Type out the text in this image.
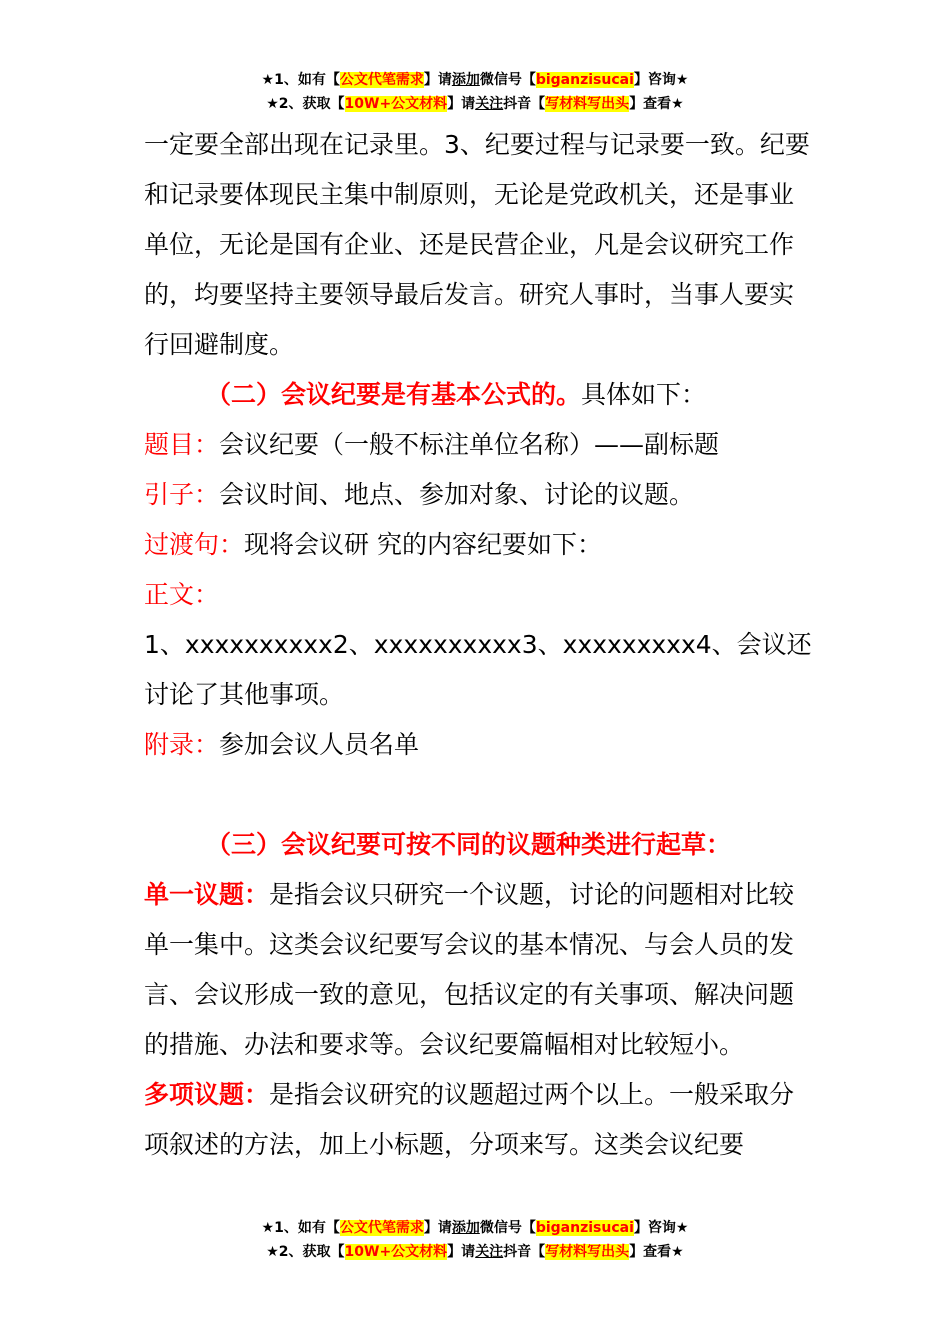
★1、如有【公文代笔需求】请添加微信号【biganzisucai】咨询★
★2、获取【10W+公文材料】请关注抖音【写材料写出头】查看★

一定要全部出现在记录里。3、纪要过程与记录要一致。纪要和记录要体现民主集中制原则，无论是党政机关，还是事业单位，无论是国有企业、还是民营企业，凡是会议研究工作的，均要坚持主要领导最后发言。研究人事时，当事人要实行回避制度。

（二）会议纪要是有基本公式的。具体如下：

题目：会议纪要（一般不标注单位名称）——副标题

引子：会议时间、地点、参加对象、讨论的议题。

过渡句：现将会议研 究的内容纪要如下：

正文：

1、xxxxxxxxxx2、xxxxxxxxxx3、xxxxxxxxx4、会议还讨论了其他事项。

附录：参加会议人员名单

（三）会议纪要可按不同的议题种类进行起草：

单一议题：是指会议只研究一个议题，讨论的问题相对比较单一集中。这类会议纪要写会议的基本情况、与会人员的发言、会议形成一致的意见，包括议定的有关事项、解决问题的措施、办法和要求等。会议纪要篇幅相对比较短小。

多项议题：是指会议研究的议题超过两个以上。一般采取分项叙述的方法，加上小标题，分项来写。这类会议纪要

★1、如有【公文代笔需求】请添加微信号【biganzisucai】咨询★
★2、获取【10W+公文材料】请关注抖音【写材料写出头】查看★
